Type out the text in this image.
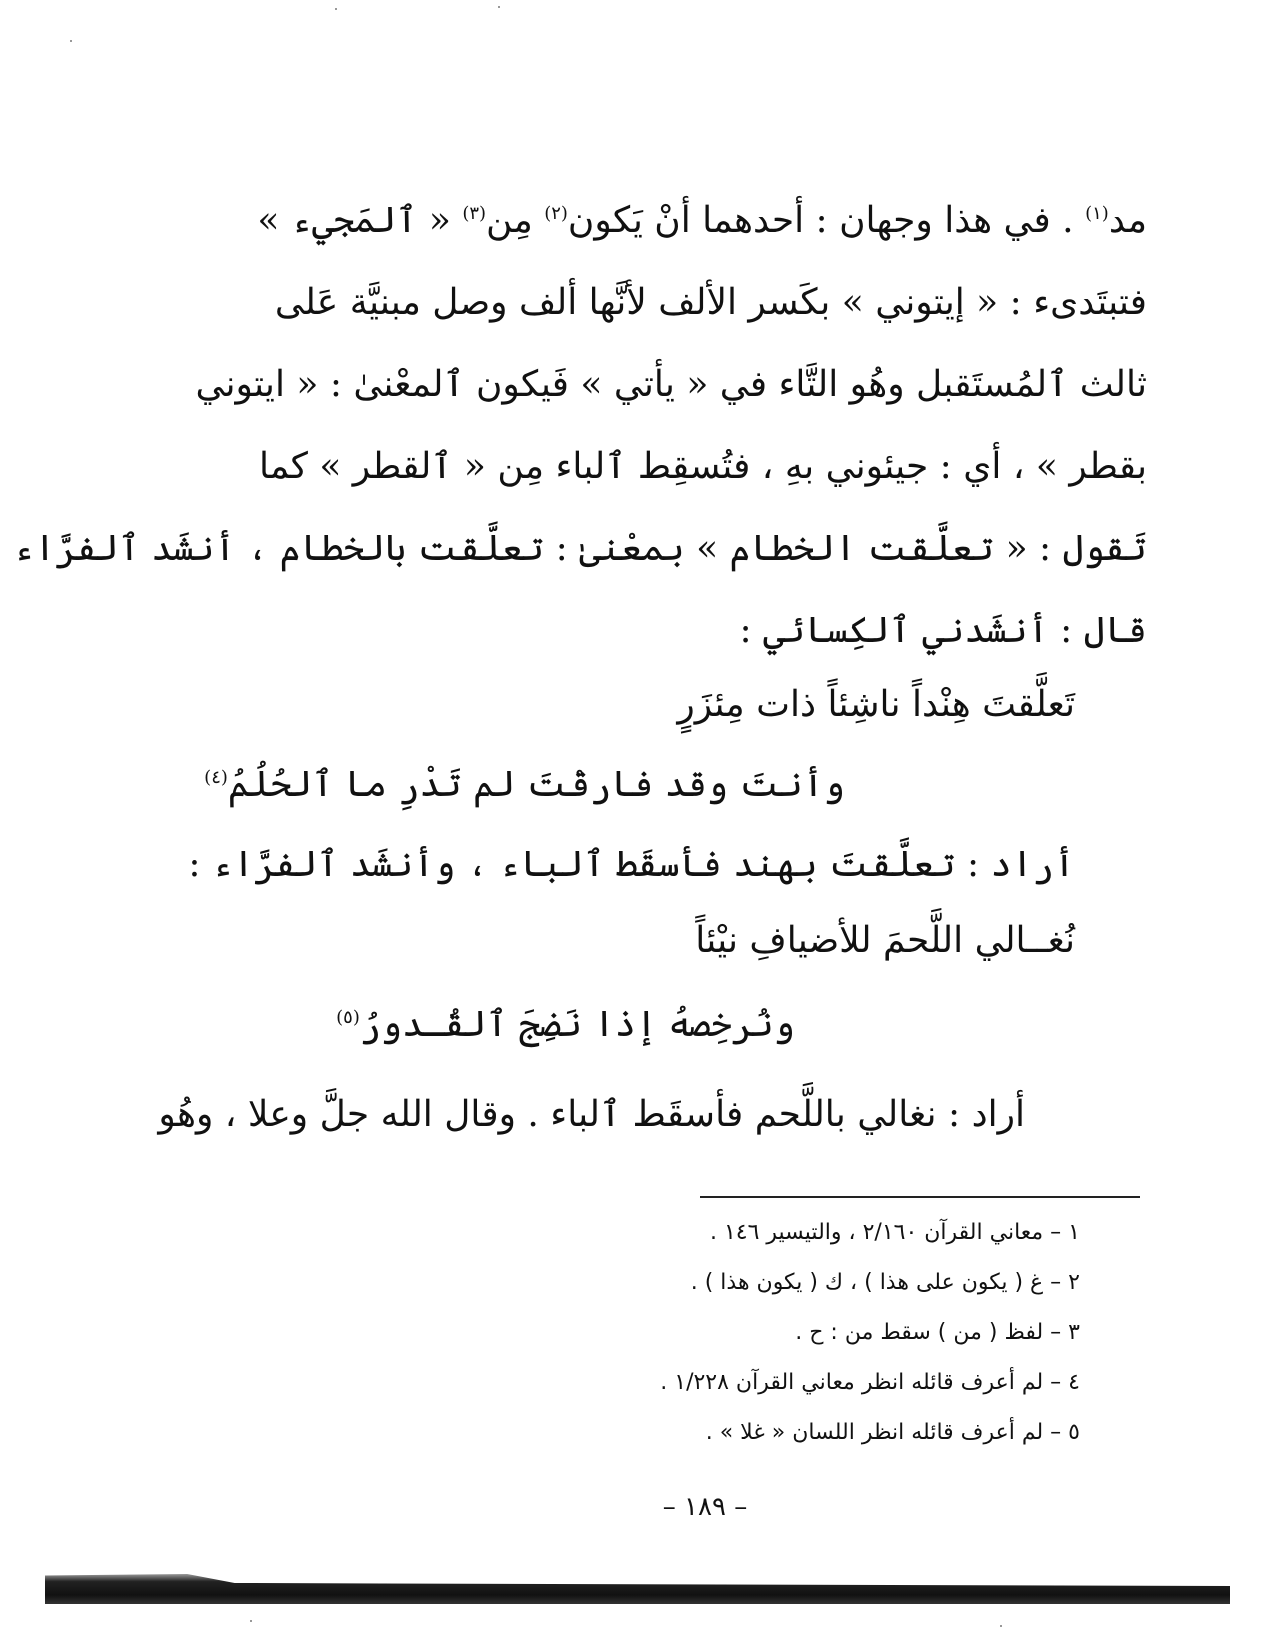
مد$^{(١)}$ . في هذا وجهان : أحدهما أنْ يَكون$^{(٢)}$ مِن$^{(٣)}$ « ٱلمَجيء »
فتبتَدىء : « إيتوني » بكَسر الألف لأنَّها ألف وصل مبنيَّة عَلى
ثالث ٱلمُستَقبل وهُو التَّاء في « يأتي » فَيكون ٱلمعْنىٰ : « ايتوني
بقطر » ، أي : جيئوني بهِ ، فتُسقِط ٱلباء مِن « ٱلقطر » كما
تَقول : « تعلَّقت الخطام » بمعْنىٰ : تعلَّقت بالخطام ، أنشَد ٱلفرَّاء
قال : أنشَدني ٱلكِسائي :
تَعلَّقتَ هِنْداً ناشِئاً ذات مِئزَرٍ
وأنتَ وقد فارقْتَ لم تَدْرِ ما ٱلحُلُمُ$^{(٤)}$
أراد : تعلَّقتَ بهند فأسقَط ٱلباء ، وأنشَد ٱلفرَّاء :
نُغــالي اللَّحمَ للأضيافِ نيْئاً
ونُرخِصهُ إذا نَضِجَ ٱلقُـدورُ$^{(٥)}$
أراد : نغالي باللَّحم فأسقَط ٱلباء . وقال الله جلَّ وعلا ، وهُو
١ – معاني القرآن ٢/١٦٠ ، والتيسير ١٤٦ .
٢ – غ ( يكون على هذا ) ، ك ( يكون هذا ) .
٣ – لفظ ( من ) سقط من : ح .
٤ – لم أعرف قائله انظر معاني القرآن ١/٢٢٨ .
٥ – لم أعرف قائله انظر اللسان « غلا » .
– ١٨٩ –
